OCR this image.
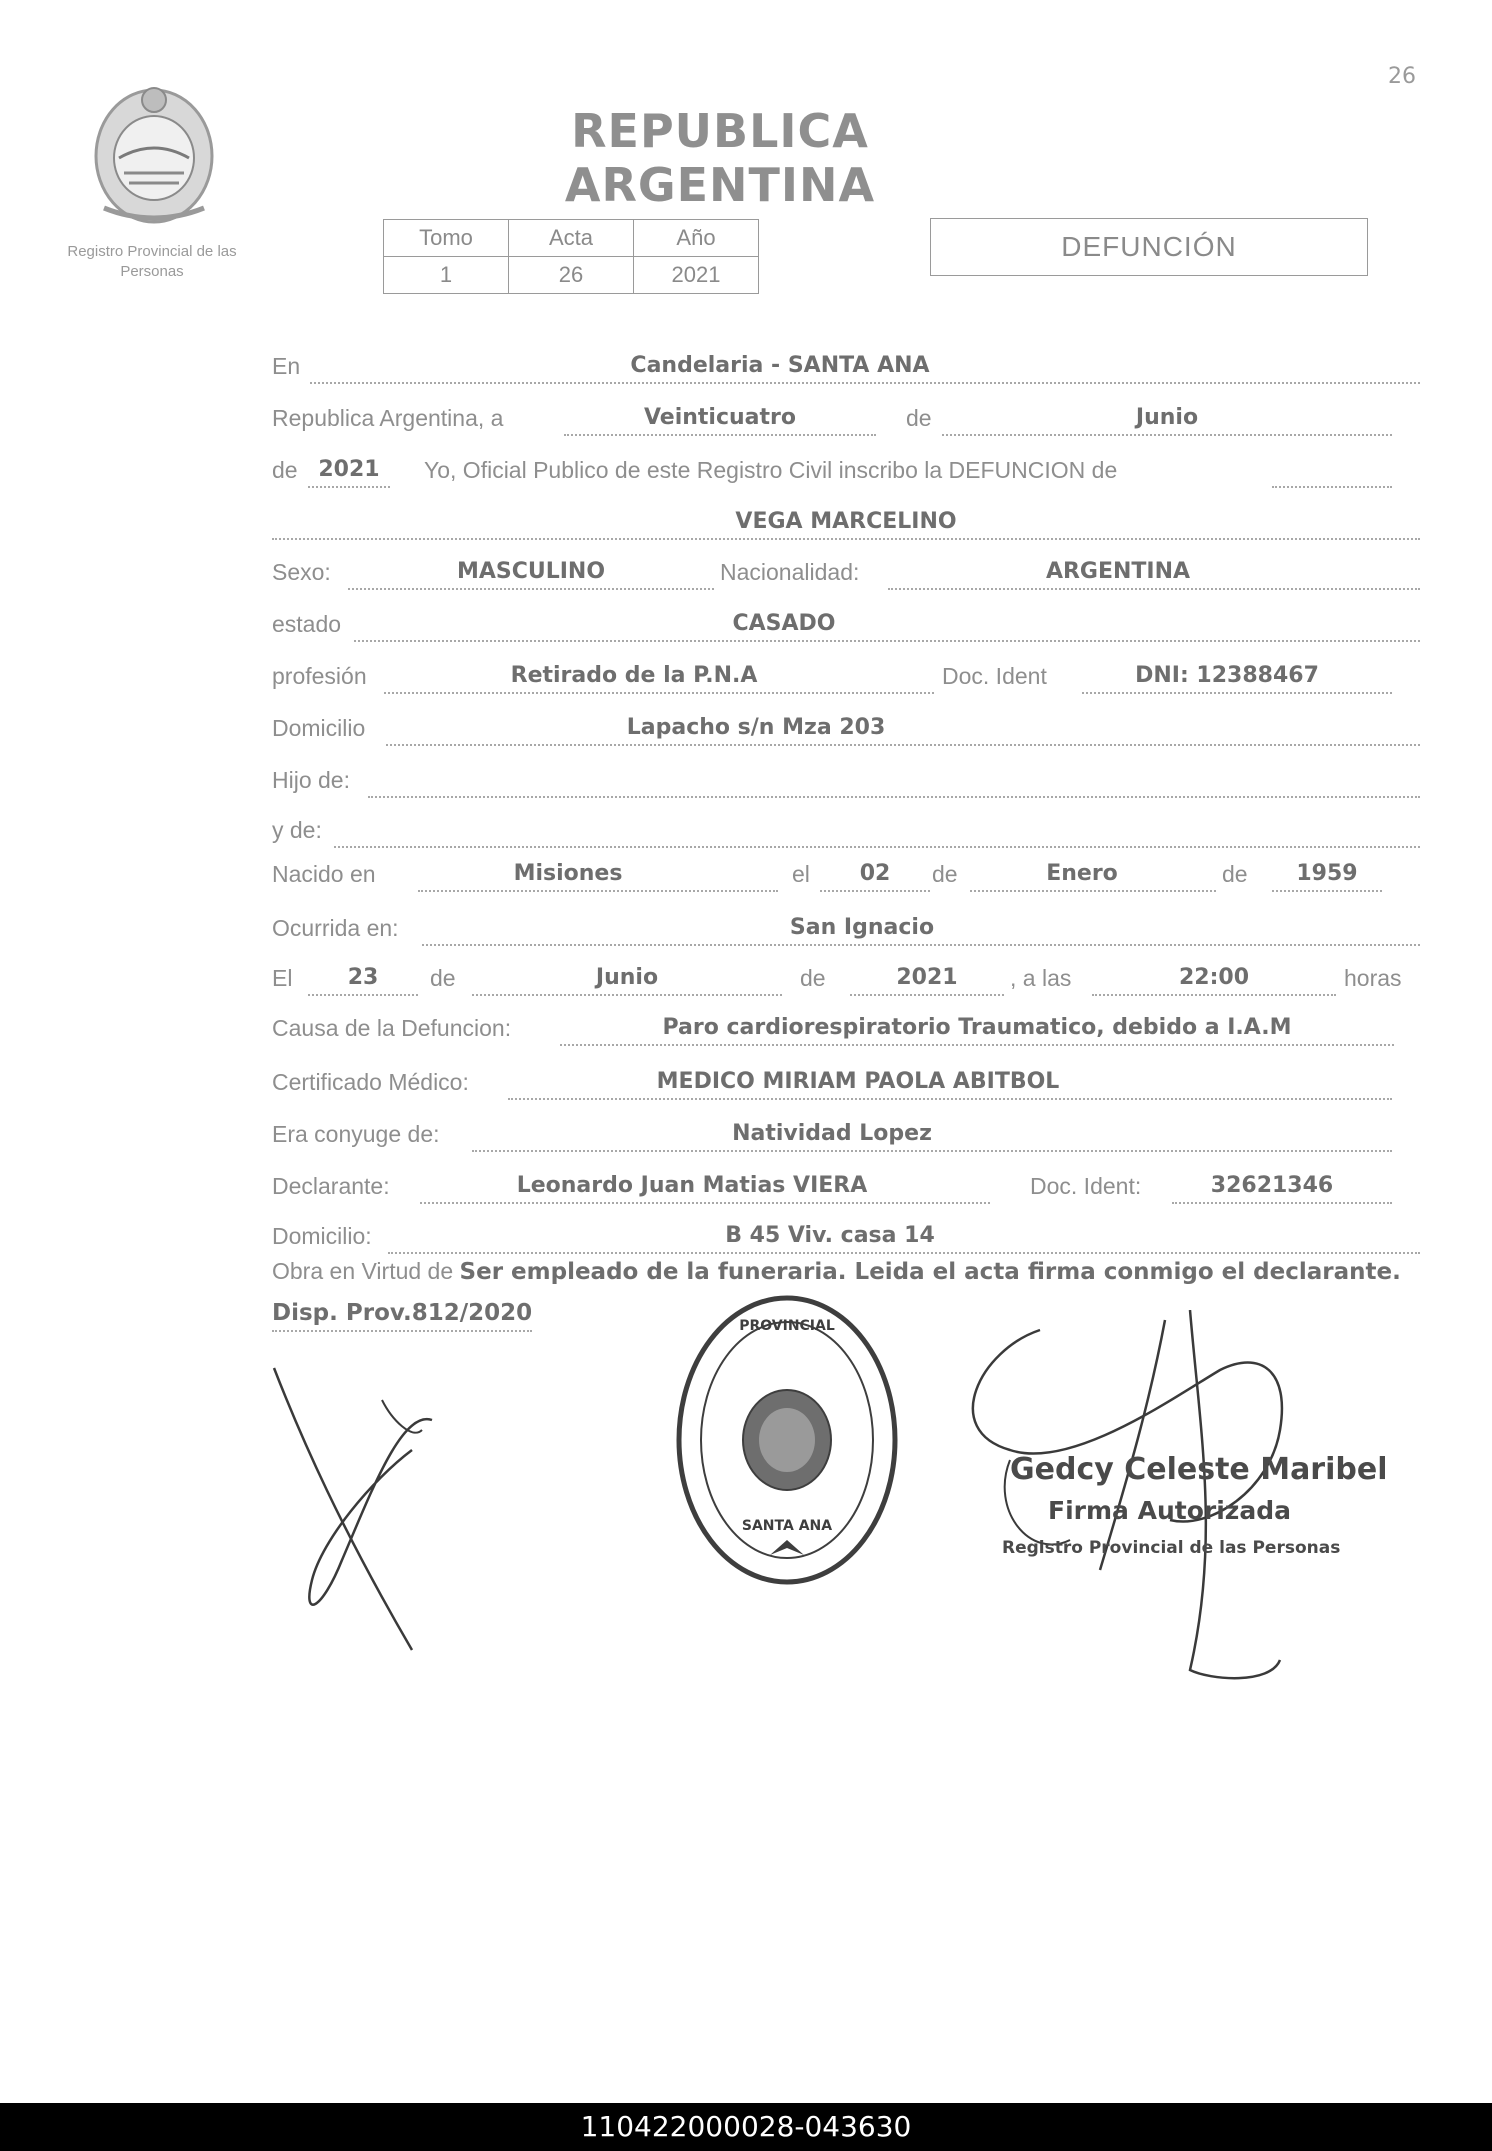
26
Registro Provincial de las Personas
REPUBLICA ARGENTINA
Tomo	Acta	Año
1	26	2021
DEFUNCIÓN
En	Candelaria - SANTA ANA
Republica Argentina, a	Veinticuatro	de	Junio
de 2021	Yo, Oficial Publico de este Registro Civil inscribo la DEFUNCION de
VEGA MARCELINO
Sexo:	MASCULINO	Nacionalidad:	ARGENTINA
estado	CASADO
profesión	Retirado de la P.N.A	Doc. Ident	DNI: 12388467
Domicilio	Lapacho s/n Mza 203
Hijo de:
y de:
Nacido en	Misiones	el	02	de	Enero	de	1959
Ocurrida en:	San Ignacio
El	23	de	Junio	de	2021	, a las	22:00	horas
Causa de la Defuncion:	Paro cardiorespiratorio Traumatico, debido a I.A.M
Certificado Médico:	MEDICO MIRIAM PAOLA ABITBOL
Era conyuge de:	Natividad Lopez
Declarante:	Leonardo Juan Matias VIERA	Doc. Ident:	32621346
Domicilio:	B 45 Viv. casa 14
Obra en Virtud de Ser empleado de la funeraria. Leida el acta firma conmigo el declarante.
Disp. Prov.812/2020	PROVINCIAL
SANTA ANA
Gedcy Celeste Maribel
Firma Autorizada
Registro Provincial de las Personas
110422000028-043630
